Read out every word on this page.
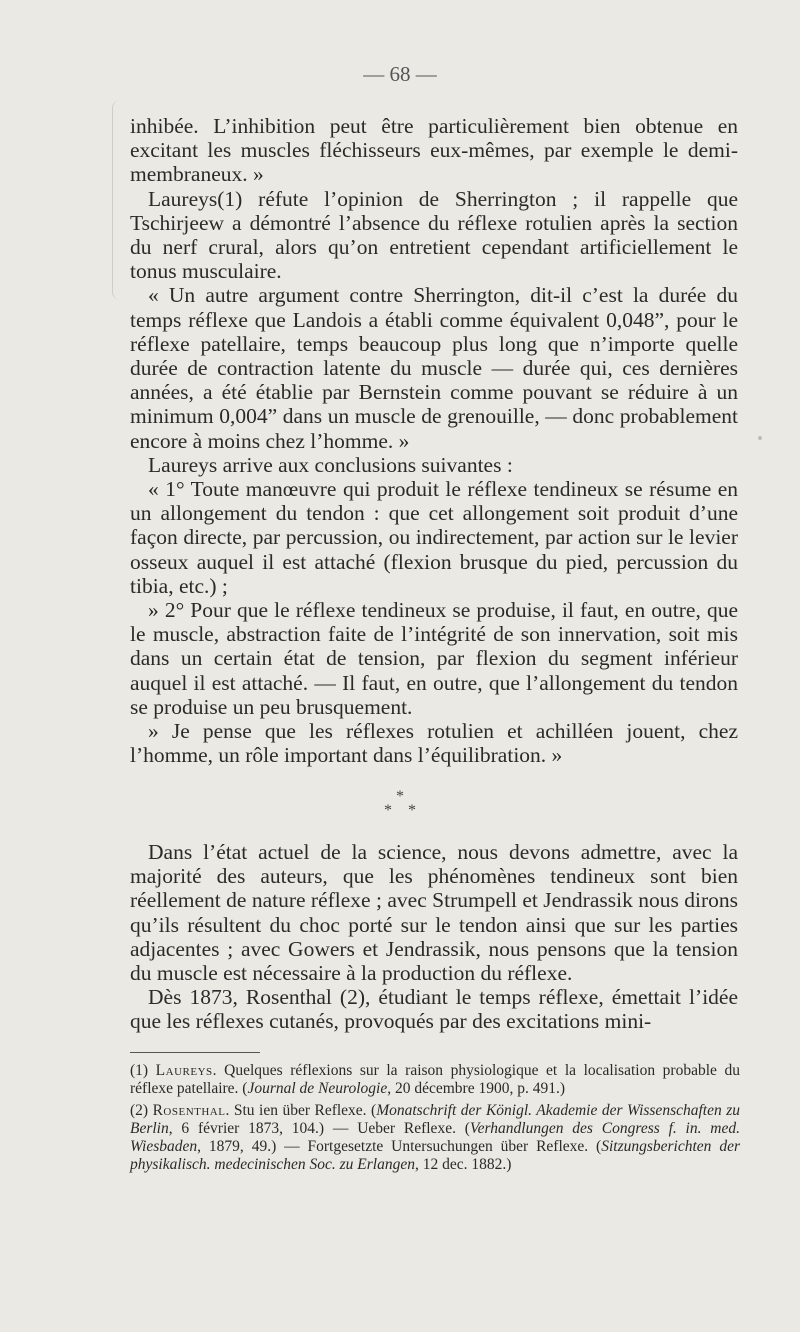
— 68 —

inhibée. L’inhibition peut être particulièrement bien obtenue en excitant les muscles fléchisseurs eux-mêmes, par exemple le demi-membraneux. »

Laureys(1) réfute l’opinion de Sherrington ; il rappelle que Tschirjeew a démontré l’absence du réflexe rotulien après la section du nerf crural, alors qu’on entretient cependant artificiellement le tonus musculaire.

« Un autre argument contre Sherrington, dit-il c’est la durée du temps réflexe que Landois a établi comme équivalent 0,048”, pour le réflexe patellaire, temps beaucoup plus long que n’importe quelle durée de contraction latente du muscle — durée qui, ces dernières années, a été établie par Bernstein comme pouvant se réduire à un minimum 0,004” dans un muscle de grenouille, — donc probablement encore à moins chez l’homme. »

Laureys arrive aux conclusions suivantes :

« 1° Toute manœuvre qui produit le réflexe tendineux se résume en un allongement du tendon : que cet allongement soit produit d’une façon directe, par percussion, ou indirectement, par action sur le levier osseux auquel il est attaché (flexion brusque du pied, percussion du tibia, etc.) ;

» 2° Pour que le réflexe tendineux se produise, il faut, en outre, que le muscle, abstraction faite de l’intégrité de son innervation, soit mis dans un certain état de tension, par flexion du segment inférieur auquel il est attaché. — Il faut, en outre, que l’allongement du tendon se produise un peu brusquement.

» Je pense que les réflexes rotulien et achilléen jouent, chez l’homme, un rôle important dans l’équilibration. »

*
*    *

Dans l’état actuel de la science, nous devons admettre, avec la majorité des auteurs, que les phénomènes tendineux sont bien réellement de nature réflexe ; avec Strumpell et Jendrassik nous dirons qu’ils résultent du choc porté sur le tendon ainsi que sur les parties adjacentes ; avec Gowers et Jendrassik, nous pensons que la tension du muscle est nécessaire à la production du réflexe.

Dès 1873, Rosenthal (2), étudiant le temps réflexe, émettait l’idée que les réflexes cutanés, provoqués par des excitations mini-

(1) Laureys. Quelques réflexions sur la raison physiologique et la localisation probable du réflexe patellaire. (Journal de Neurologie, 20 décembre 1900, p. 491.)

(2) Rosenthal. Stu ien über Reflexe. (Monatschrift der Königl. Akademie der Wissenschaften zu Berlin, 6 février 1873, 104.) — Ueber Reflexe. (Verhandlungen des Congress f. in. med. Wiesbaden, 1879, 49.) — Fortgesetzte Untersuchungen über Reflexe. (Sitzungsberichten der physikalisch. medecinischen Soc. zu Erlangen, 12 dec. 1882.)
